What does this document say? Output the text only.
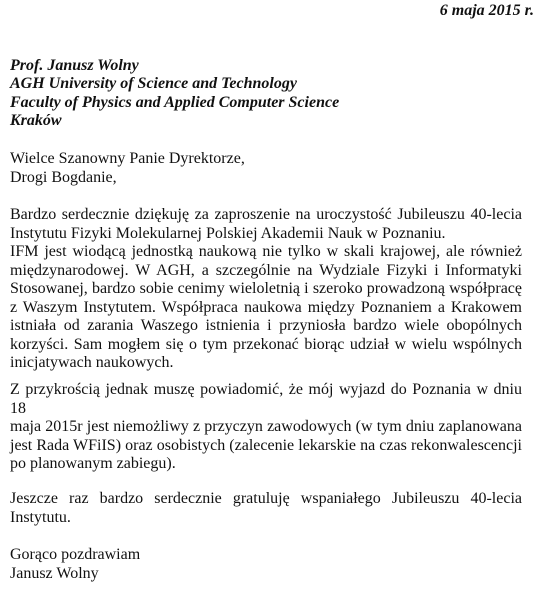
6 maja 2015 r.
Prof. Janusz Wolny
AGH University of Science and Technology
Faculty of Physics and Applied Computer Science
Kraków
Wielce Szanowny Panie Dyrektorze,
Drogi Bogdanie,
Bardzo serdecznie dziękuję za zaproszenie na uroczystość Jubileuszu 40-lecia
Instytutu Fizyki Molekularnej Polskiej Akademii Nauk w Poznaniu.
IFM jest wiodącą jednostką naukową nie tylko w skali krajowej, ale również
międzynarodowej. W AGH, a szczególnie na Wydziale Fizyki i Informatyki
Stosowanej, bardzo sobie cenimy wieloletnią i szeroko prowadzoną współpracę
z Waszym Instytutem. Współpraca naukowa między Poznaniem a Krakowem
istniała od zarania Waszego istnienia i przyniosła bardzo wiele obopólnych
korzyści. Sam mogłem się o tym przekonać biorąc udział w wielu wspólnych
inicjatywach naukowych.
Z przykrością jednak muszę powiadomić, że mój wyjazd do Poznania w dniu 18
maja 2015r jest niemożliwy z przyczyn zawodowych (w tym dniu zaplanowana
jest Rada WFiIS) oraz osobistych (zalecenie lekarskie na czas rekonwalescencji
po planowanym zabiegu).
Jeszcze raz bardzo serdecznie gratuluję wspaniałego Jubileuszu 40-lecia
Instytutu.
Gorąco pozdrawiam
Janusz Wolny
